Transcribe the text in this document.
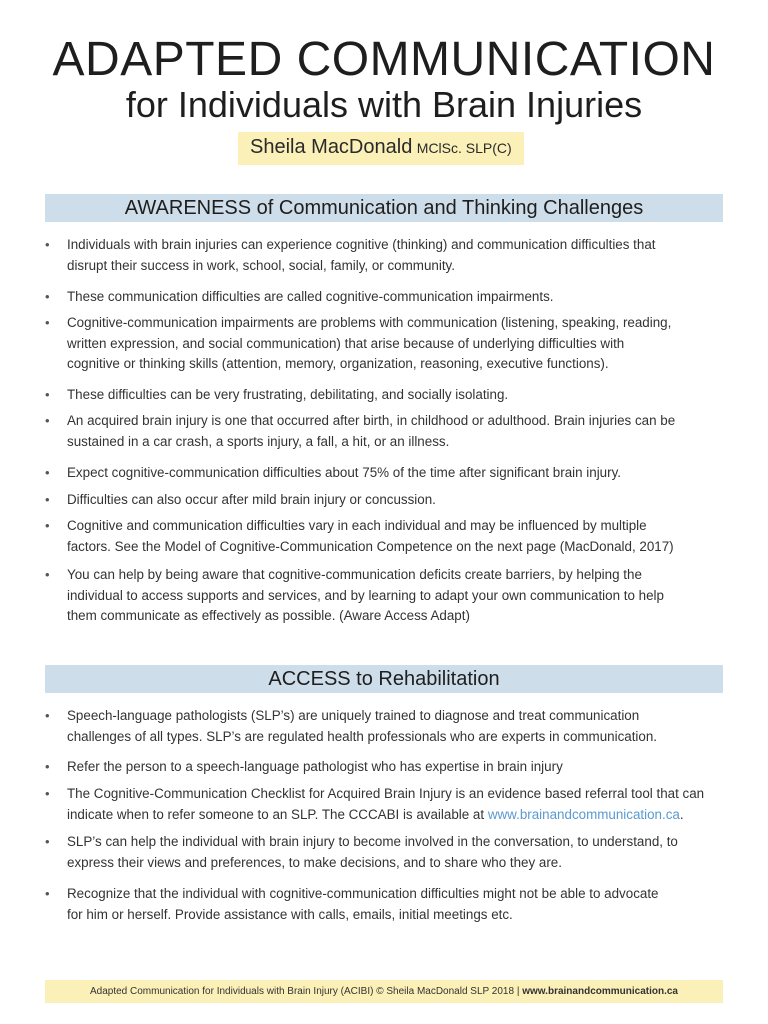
ADAPTED COMMUNICATION
for Individuals with Brain Injuries
Sheila MacDonald MClSc. SLP(C)
AWARENESS of Communication and Thinking Challenges
• Individuals with brain injuries can experience cognitive (thinking) and communication difficulties that
disrupt their success in work, school, social, family, or community.
• These communication difficulties are called cognitive-communication impairments.
• Cognitive-communication impairments are problems with communication (listening, speaking, reading,
written expression, and social communication) that arise because of underlying difficulties with
cognitive or thinking skills (attention, memory, organization, reasoning, executive functions).
• These difficulties can be very frustrating, debilitating, and socially isolating.
• An acquired brain injury is one that occurred after birth, in childhood or adulthood. Brain injuries can be
sustained in a car crash, a sports injury, a fall, a hit, or an illness.
• Expect cognitive-communication difficulties about 75% of the time after significant brain injury.
• Difficulties can also occur after mild brain injury or concussion.
• Cognitive and communication difficulties vary in each individual and may be influenced by multiple
factors. See the Model of Cognitive-Communication Competence on the next page (MacDonald, 2017)
• You can help by being aware that cognitive-communication deficits create barriers, by helping the
individual to access supports and services, and by learning to adapt your own communication to help
them communicate as effectively as possible. (Aware Access Adapt)
ACCESS to Rehabilitation
• Speech-language pathologists (SLP’s) are uniquely trained to diagnose and treat communication
challenges of all types. SLP’s are regulated health professionals who are experts in communication.
• Refer the person to a speech-language pathologist who has expertise in brain injury
• The Cognitive-Communication Checklist for Acquired Brain Injury is an evidence based referral tool that can
indicate when to refer someone to an SLP. The CCCABI is available at www.brainandcommunication.ca.
• SLP’s can help the individual with brain injury to become involved in the conversation, to understand, to
express their views and preferences, to make decisions, and to share who they are.
• Recognize that the individual with cognitive-communication difficulties might not be able to advocate
for him or herself. Provide assistance with calls, emails, initial meetings etc.
Adapted Communication for Individuals with Brain Injury (ACIBI) © Sheila MacDonald SLP 2018 | www.brainandcommunication.ca
